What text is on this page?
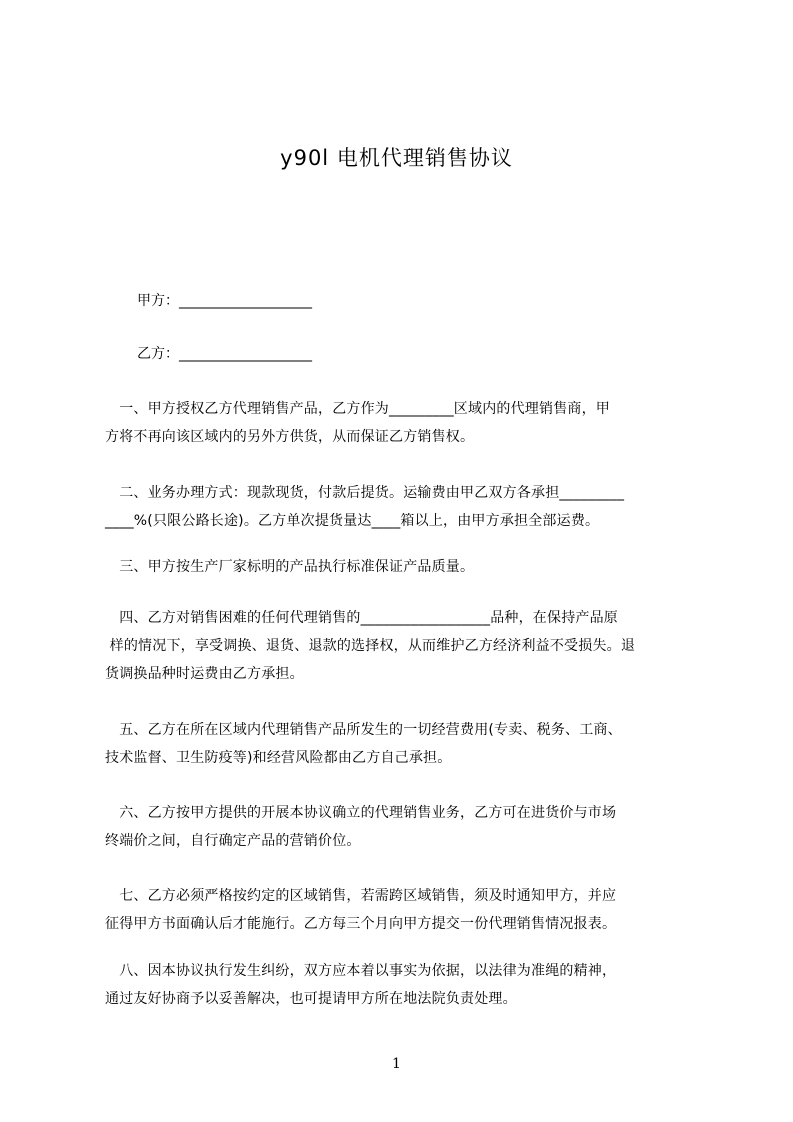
y90l 电机代理销售协议
甲方：___________________
乙方：___________________
　一、甲方授权乙方代理销售产品，乙方作为_________区域内的代理销售商，甲
方将不再向该区域内的另外方供货，从而保证乙方销售权。
　二、业务办理方式：现款现货，付款后提货。运输费由甲乙双方各承担_________
____%(只限公路长途)。乙方单次提货量达____箱以上，由甲方承担全部运费。
　三、甲方按生产厂家标明的产品执行标准保证产品质量。
　四、乙方对销售困难的任何代理销售的__________________品种，在保持产品原
样的情况下，享受调换、退货、退款的选择权，从而维护乙方经济利益不受损失。退
货调换品种时运费由乙方承担。
　五、乙方在所在区域内代理销售产品所发生的一切经营费用(专卖、税务、工商、
技术监督、卫生防疫等)和经营风险都由乙方自己承担。
　六、乙方按甲方提供的开展本协议确立的代理销售业务，乙方可在进货价与市场
终端价之间，自行确定产品的营销价位。
　七、乙方必须严格按约定的区域销售，若需跨区域销售，须及时通知甲方，并应
征得甲方书面确认后才能施行。乙方每三个月向甲方提交一份代理销售情况报表。
　八、因本协议执行发生纠纷，双方应本着以事实为依据，以法律为准绳的精神，
通过友好协商予以妥善解决，也可提请甲方所在地法院负责处理。
1
